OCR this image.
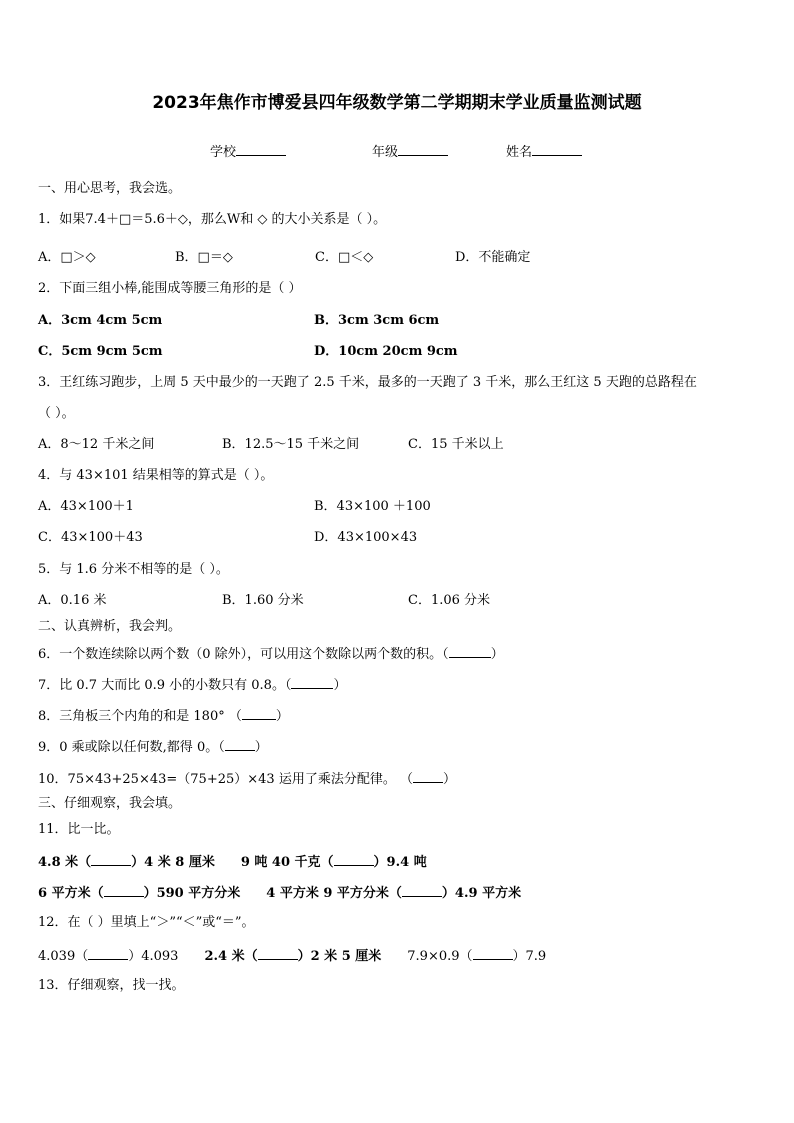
2023年焦作市博爱县四年级数学第二学期期末学业质量监测试题
学校	年级	姓名
一、用心思考，我会选。
1．如果7.4＋□＝5.6＋◇，那么W和 ◇ 的大小关系是（ ）。
A．□＞◇	B．□＝◇	C．□＜◇	D．不能确定
2．下面三组小棒,能围成等腰三角形的是（ ）
A．3cm 4cm 5cm	B．3cm 3cm 6cm
C．5cm 9cm 5cm	D．10cm 20cm 9cm
3．王红练习跑步，上周 5 天中最少的一天跑了 2.5 千米，最多的一天跑了 3 千米，那么王红这 5 天跑的总路程在
（ ）。
A．8～12 千米之间	B．12.5～15 千米之间	C．15 千米以上
4．与 43×101 结果相等的算式是（ ）。
A．43×100＋1	B．43×100 ＋100
C．43×100＋43	D．43×100×43
5．与 1.6 分米不相等的是（ ）。
A．0.16 米	B．1.60 分米	C．1.06 分米
二、认真辨析，我会判。
6．一个数连续除以两个数（0 除外），可以用这个数除以两个数的积。（	）
7．比 0.7 大而比 0.9 小的小数只有 0.8。（	）
8．三角板三个内角的和是 180° （	）
9．0 乘或除以任何数,都得 0。（ ）
10．75×43+25×43=（75+25）×43 运用了乘法分配律。 （ ）
三、仔细观察，我会填。
11．比一比。
4.8 米（	）4 米 8 厘米 9 吨 40 千克（	）9.4 吨
6 平方米（	）590 平方分米 4 平方米 9 平方分米（	）4.9 平方米
12．在（ ）里填上“＞”“＜”或“＝”。
4.039（	）4.093 2.4 米（	）2 米 5 厘米 7.9×0.9（	）7.9
13．仔细观察，找一找。
